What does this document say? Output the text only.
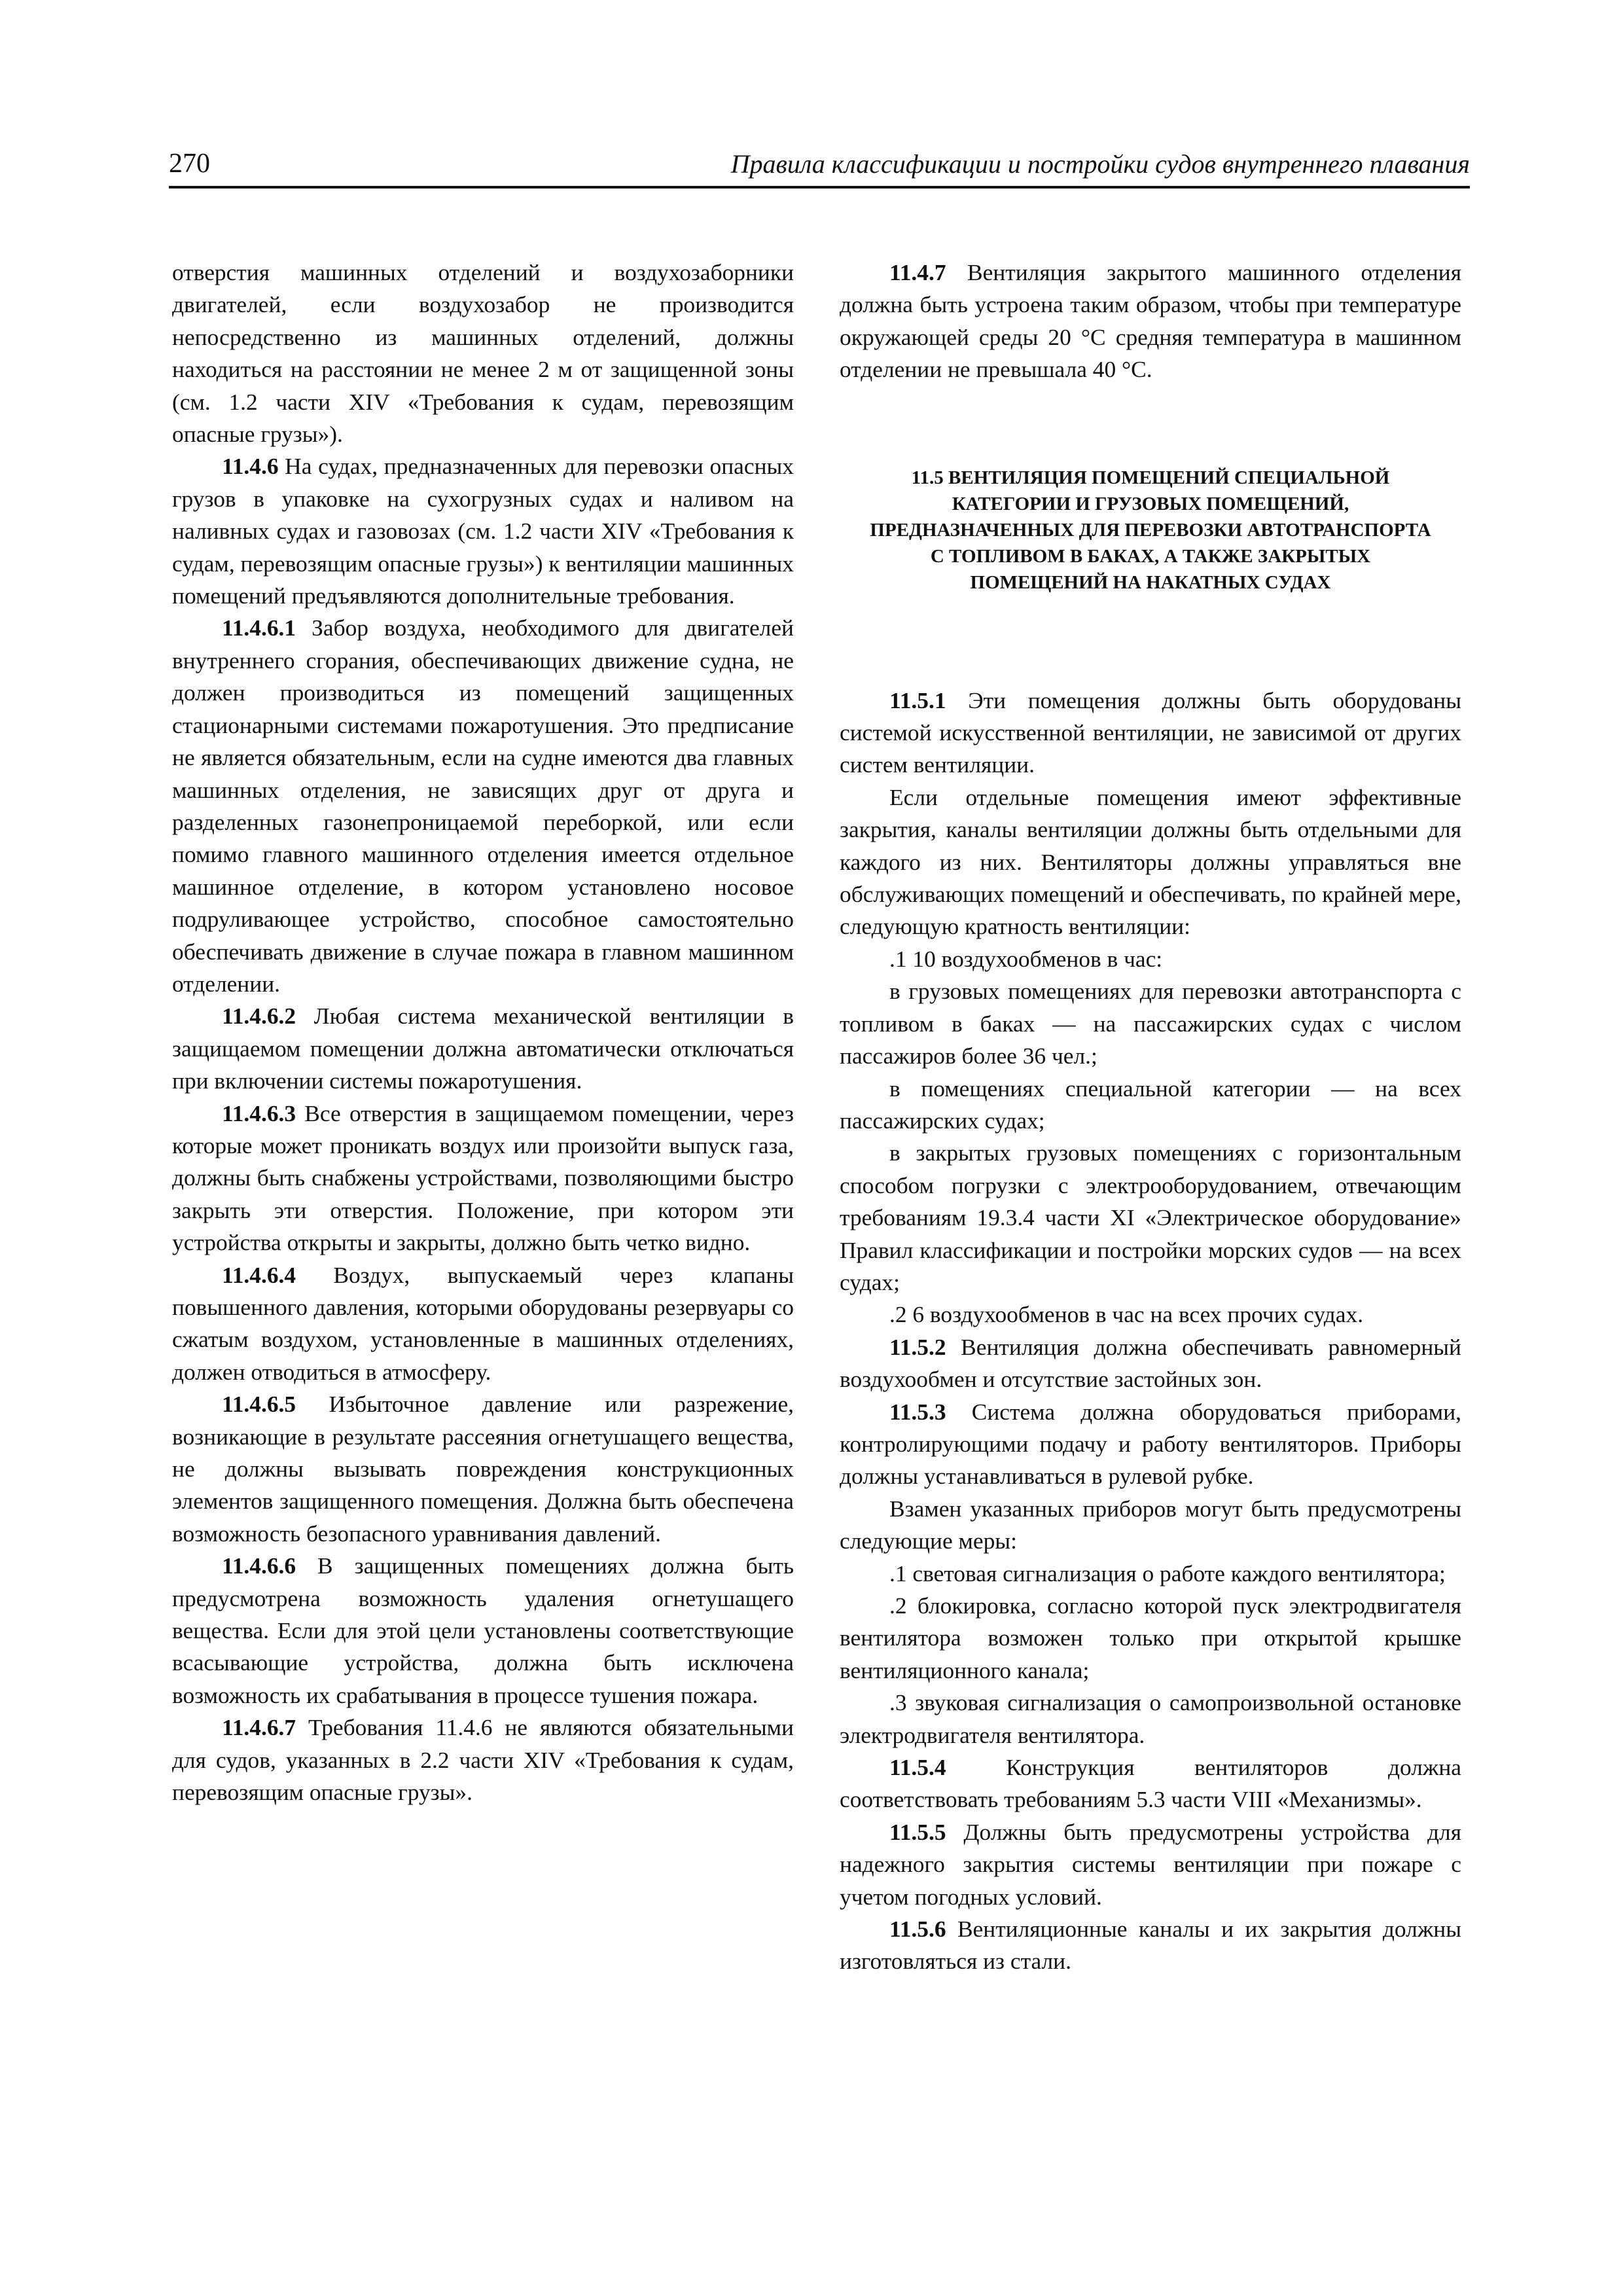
270	Правила классификации и постройки судов внутреннего плавания

отверстия машинных отделений и воздухозаборники двигателей, если воздухозабор не производится непосредственно из машинных отделений, должны находиться на расстоянии не менее 2 м от защищенной зоны (см. 1.2 части XIV «Требования к судам, перевозящим опасные грузы»).

11.4.6 На судах, предназначенных для перевозки опасных грузов в упаковке на сухогрузных судах и наливом на наливных судах и газовозах (см. 1.2 части XIV «Требования к судам, перевозящим опасные грузы») к вентиляции машинных помещений предъявляются дополнительные требования.

11.4.6.1 Забор воздуха, необходимого для двигателей внутреннего сгорания, обеспечивающих движение судна, не должен производиться из помещений защищенных стационарными системами пожаротушения. Это предписание не является обязательным, если на судне имеются два главных машинных отделения, не зависящих друг от друга и разделенных газонепроницаемой переборкой, или если помимо главного машинного отделения имеется отдельное машинное отделение, в котором установлено носовое подруливающее устройство, способное самостоятельно обеспечивать движение в случае пожара в главном машинном отделении.

11.4.6.2 Любая система механической вентиляции в защищаемом помещении должна автоматически отключаться при включении системы пожаротушения.

11.4.6.3 Все отверстия в защищаемом помещении, через которые может проникать воздух или произойти выпуск газа, должны быть снабжены устройствами, позволяющими быстро закрыть эти отверстия. Положение, при котором эти устройства открыты и закрыты, должно быть четко видно.

11.4.6.4 Воздух, выпускаемый через клапаны повышенного давления, которыми оборудованы резервуары со сжатым воздухом, установленные в машинных отделениях, должен отводиться в атмосферу.

11.4.6.5 Избыточное давление или разрежение, возникающие в результате рассеяния огнетушащего вещества, не должны вызывать повреждения конструкционных элементов защищенного помещения. Должна быть обеспечена возможность безопасного уравнивания давлений.

11.4.6.6 В защищенных помещениях должна быть предусмотрена возможность удаления огнетушащего вещества. Если для этой цели установлены соответствующие всасывающие устройства, должна быть исключена возможность их срабатывания в процессе тушения пожара.

11.4.6.7 Требования 11.4.6 не являются обязательными для судов, указанных в 2.2 части XIV «Требования к судам, перевозящим опасные грузы».

11.4.7 Вентиляция закрытого машинного отделения должна быть устроена таким образом, чтобы при температуре окружающей среды 20 °С средняя температура в машинном отделении не превышала 40 °С.

11.5 ВЕНТИЛЯЦИЯ ПОМЕЩЕНИЙ СПЕЦИАЛЬНОЙ КАТЕГОРИИ И ГРУЗОВЫХ ПОМЕЩЕНИЙ, ПРЕДНАЗНАЧЕННЫХ ДЛЯ ПЕРЕВОЗКИ АВТОТРАНСПОРТА С ТОПЛИВОМ В БАКАХ, А ТАКЖЕ ЗАКРЫТЫХ ПОМЕЩЕНИЙ НА НАКАТНЫХ СУДАХ

11.5.1 Эти помещения должны быть оборудованы системой искусственной вентиляции, не зависимой от других систем вентиляции.

Если отдельные помещения имеют эффективные закрытия, каналы вентиляции должны быть отдельными для каждого из них. Вентиляторы должны управляться вне обслуживающих помещений и обеспечивать, по крайней мере, следующую кратность вентиляции:

.1 10 воздухообменов в час:

в грузовых помещениях для перевозки автотранспорта с топливом в баках — на пассажирских судах с числом пассажиров более 36 чел.;

в помещениях специальной категории — на всех пассажирских судах;

в закрытых грузовых помещениях с горизонтальным способом погрузки с электрооборудованием, отвечающим требованиям 19.3.4 части XI «Электрическое оборудование» Правил классификации и постройки морских судов — на всех судах;

.2 6 воздухообменов в час на всех прочих судах.

11.5.2 Вентиляция должна обеспечивать равномерный воздухообмен и отсутствие застойных зон.

11.5.3 Система должна оборудоваться приборами, контролирующими подачу и работу вентиляторов. Приборы должны устанавливаться в рулевой рубке.

Взамен указанных приборов могут быть предусмотрены следующие меры:

.1 световая сигнализация о работе каждого вентилятора;

.2 блокировка, согласно которой пуск электродвигателя вентилятора возможен только при открытой крышке вентиляционного канала;

.3 звуковая сигнализация о самопроизвольной остановке электродвигателя вентилятора.

11.5.4 Конструкция вентиляторов должна соответствовать требованиям 5.3 части VIII «Механизмы».

11.5.5 Должны быть предусмотрены устройства для надежного закрытия системы вентиляции при пожаре с учетом погодных условий.

11.5.6 Вентиляционные каналы и их закрытия должны изготовляться из стали.
